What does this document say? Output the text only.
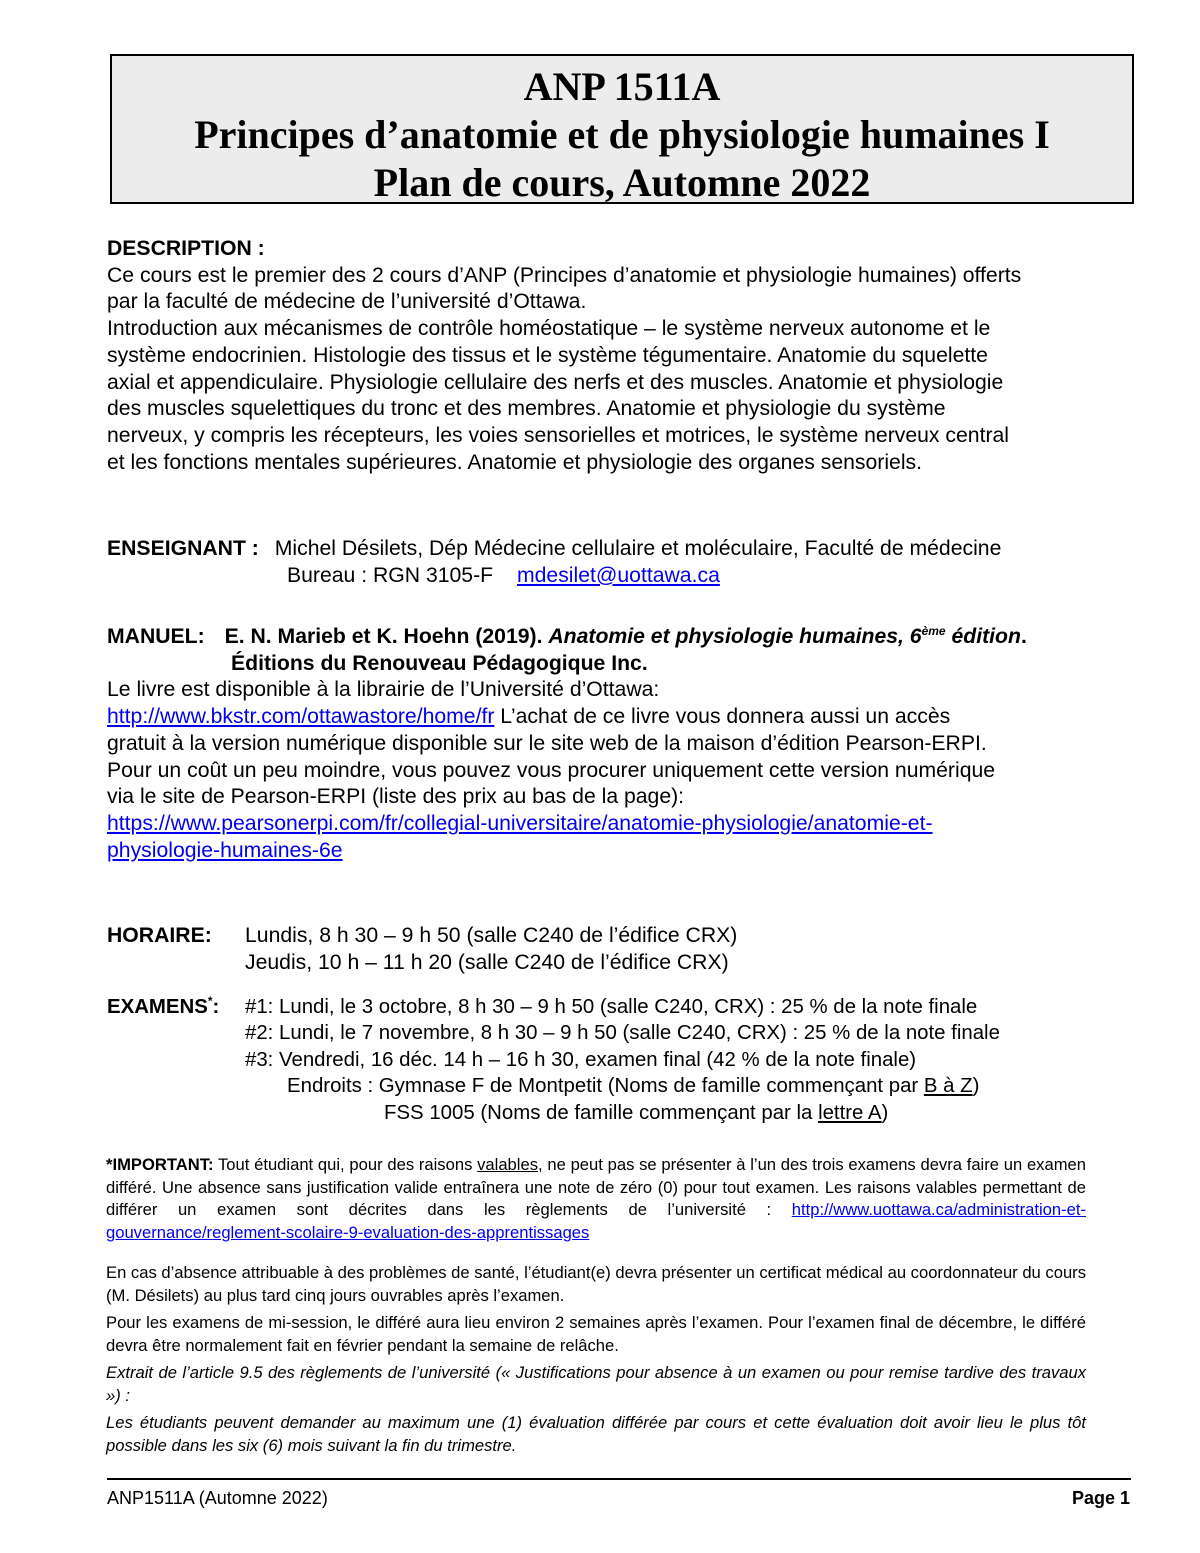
ANP 1511A
Principes d’anatomie et de physiologie humaines I
Plan de cours, Automne 2022
DESCRIPTION :
Ce cours est le premier des 2 cours d’ANP (Principes d’anatomie et physiologie humaines) offerts
par la faculté de médecine de l’université d’Ottawa.
Introduction aux mécanismes de contrôle homéostatique – le système nerveux autonome et le
système endocrinien. Histologie des tissus et le système tégumentaire. Anatomie du squelette
axial et appendiculaire. Physiologie cellulaire des nerfs et des muscles. Anatomie et physiologie
des muscles squelettiques du tronc et des membres. Anatomie et physiologie du système
nerveux, y compris les récepteurs, les voies sensorielles et motrices, le système nerveux central
et les fonctions mentales supérieures. Anatomie et physiologie des organes sensoriels.
ENSEIGNANT : Michel Désilets, Dép Médecine cellulaire et moléculaire, Faculté de médecine
Bureau : RGN 3105-F mdesilet@uottawa.ca
MANUEL: E. N. Marieb et K. Hoehn (2019). Anatomie et physiologie humaines, 6ème édition.
Éditions du Renouveau Pédagogique Inc.
Le livre est disponible à la librairie de l’Université d’Ottawa:
http://www.bkstr.com/ottawastore/home/fr L’achat de ce livre vous donnera aussi un accès
gratuit à la version numérique disponible sur le site web de la maison d’édition Pearson-ERPI.
Pour un coût un peu moindre, vous pouvez vous procurer uniquement cette version numérique
via le site de Pearson-ERPI (liste des prix au bas de la page):
https://www.pearsonerpi.com/fr/collegial-universitaire/anatomie-physiologie/anatomie-et-
physiologie-humaines-6e
HORAIRE: Lundis, 8 h 30 – 9 h 50 (salle C240 de l’édifice CRX)
Jeudis, 10 h – 11 h 20 (salle C240 de l’édifice CRX)
EXAMENS*: #1: Lundi, le 3 octobre, 8 h 30 – 9 h 50 (salle C240, CRX) : 25 % de la note finale
#2: Lundi, le 7 novembre, 8 h 30 – 9 h 50 (salle C240, CRX) : 25 % de la note finale
#3: Vendredi, 16 déc. 14 h – 16 h 30, examen final (42 % de la note finale)
Endroits : Gymnase F de Montpetit (Noms de famille commençant par B à Z)
FSS 1005 (Noms de famille commençant par la lettre A)
*IMPORTANT: Tout étudiant qui, pour des raisons valables, ne peut pas se présenter à l’un des trois examens devra faire un examen différé. Une absence sans justification valide entraînera une note de zéro (0) pour tout examen. Les raisons valables permettant de différer un examen sont décrites dans les règlements de l’université : http://www.uottawa.ca/administration-et-gouvernance/reglement-scolaire-9-evaluation-des-apprentissages
En cas d’absence attribuable à des problèmes de santé, l’étudiant(e) devra présenter un certificat médical au coordonnateur du cours (M. Désilets) au plus tard cinq jours ouvrables après l’examen.
Pour les examens de mi-session, le différé aura lieu environ 2 semaines après l’examen. Pour l’examen final de décembre, le différé devra être normalement fait en février pendant la semaine de relâche.
Extrait de l’article 9.5 des règlements de l’université (« Justifications pour absence à un examen ou pour remise tardive des travaux ») :
Les étudiants peuvent demander au maximum une (1) évaluation différée par cours et cette évaluation doit avoir lieu le plus tôt possible dans les six (6) mois suivant la fin du trimestre.
ANP1511A (Automne 2022)	Page 1
